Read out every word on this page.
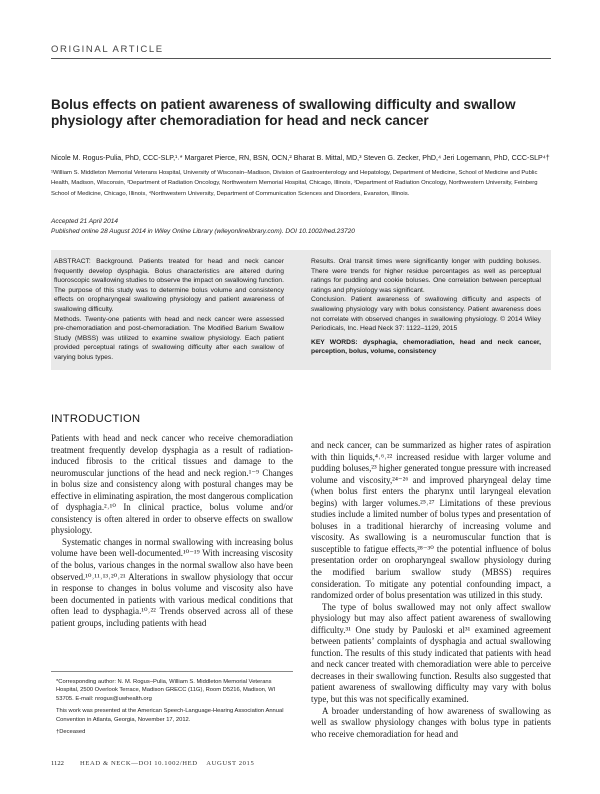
ORIGINAL ARTICLE
Bolus effects on patient awareness of swallowing difficulty and swallow physiology after chemoradiation for head and neck cancer
Nicole M. Rogus-Pulia, PhD, CCC-SLP,¹˒* Margaret Pierce, RN, BSN, OCN,² Bharat B. Mittal, MD,³ Steven G. Zecker, PhD,⁴ Jeri Logemann, PhD, CCC-SLP⁴†
¹William S. Middleton Memorial Veterans Hospital, University of Wisconsin–Madison, Division of Gastroenterology and Hepatology, Department of Medicine, School of Medicine and Public Health, Madison, Wisconsin, ²Department of Radiation Oncology, Northwestern Memorial Hospital, Chicago, Illinois, ³Department of Radiation Oncology, Northwestern University, Feinberg School of Medicine, Chicago, Illinois, ⁴Northwestern University, Department of Communication Sciences and Disorders, Evanston, Illinois.
Accepted 21 April 2014
Published online 28 August 2014 in Wiley Online Library (wileyonlinelibrary.com). DOI 10.1002/hed.23720
ABSTRACT: Background. Patients treated for head and neck cancer frequently develop dysphagia. Bolus characteristics are altered during fluoroscopic swallowing studies to observe the impact on swallowing function. The purpose of this study was to determine bolus volume and consistency effects on oropharyngeal swallowing physiology and patient awareness of swallowing difficulty.
Methods. Twenty-one patients with head and neck cancer were assessed pre-chemoradiation and post-chemoradiation. The Modified Barium Swallow Study (MBSS) was utilized to examine swallow physiology. Each patient provided perceptual ratings of swallowing difficulty after each swallow of varying bolus types.
Results. Oral transit times were significantly longer with pudding boluses. There were trends for higher residue percentages as well as perceptual ratings for pudding and cookie boluses. One correlation between perceptual ratings and physiology was significant.
Conclusion. Patient awareness of swallowing difficulty and aspects of swallowing physiology vary with bolus consistency. Patient awareness does not correlate with observed changes in swallowing physiology. © 2014 Wiley Periodicals, Inc. Head Neck 37: 1122–1129, 2015
KEY WORDS: dysphagia, chemoradiation, head and neck cancer, perception, bolus, volume, consistency
INTRODUCTION

Patients with head and neck cancer who receive chemoradiation treatment frequently develop dysphagia as a result of radiation-induced fibrosis to the critical tissues and damage to the neuromuscular junctions of the head and neck region.¹⁻⁹ Changes in bolus size and consistency along with postural changes may be effective in eliminating aspiration, the most dangerous complication of dysphagia.²˒¹⁰ In clinical practice, bolus volume and/or consistency is often altered in order to observe effects on swallow physiology.

Systematic changes in normal swallowing with increasing bolus volume have been well-documented.¹⁰⁻¹⁹ With increasing viscosity of the bolus, various changes in the normal swallow also have been observed.¹⁰˒¹¹˒¹³˒²⁰˒²¹ Alterations in swallow physiology that occur in response to changes in bolus volume and viscosity also have been documented in patients with various medical conditions that often lead to dysphagia.¹⁰˒²² Trends observed across all of these patient groups, including patients with head

and neck cancer, can be summarized as higher rates of aspiration with thin liquids,⁴˒⁶˒²² increased residue with larger volume and pudding boluses,²³ higher generated tongue pressure with increased volume and viscosity,²⁴⁻²⁶ and improved pharyngeal delay time (when bolus first enters the pharynx until laryngeal elevation begins) with larger volumes.²⁵˒²⁷ Limitations of these previous studies include a limited number of bolus types and presentation of boluses in a traditional hierarchy of increasing volume and viscosity. As swallowing is a neuromuscular function that is susceptible to fatigue effects,²⁸⁻³⁰ the potential influence of bolus presentation order on oropharyngeal swallow physiology during the modified barium swallow study (MBSS) requires consideration. To mitigate any potential confounding impact, a randomized order of bolus presentation was utilized in this study.

The type of bolus swallowed may not only affect swallow physiology but may also affect patient awareness of swallowing difficulty.³¹ One study by Pauloski et al³¹ examined agreement between patients’ complaints of dysphagia and actual swallowing function. The results of this study indicated that patients with head and neck cancer treated with chemoradiation were able to perceive decreases in their swallowing function. Results also suggested that patient awareness of swallowing difficulty may vary with bolus type, but this was not specifically examined.

A broader understanding of how awareness of swallowing as well as swallow physiology changes with bolus type in patients who receive chemoradiation for head and

*Corresponding author: N. M. Rogus–Pulia, William S. Middleton Memorial Veterans Hospital, 2500 Overlook Terrace, Madison GRECC (11G), Room D5216, Madison, WI 53705. E-mail: nrogus@uwhealth.org

This work was presented at the American Speech-Language-Hearing Association Annual Convention in Atlanta, Georgia, November 17, 2012.

†Deceased

1122 HEAD & NECK—DOI 10.1002/HED    AUGUST 2015
